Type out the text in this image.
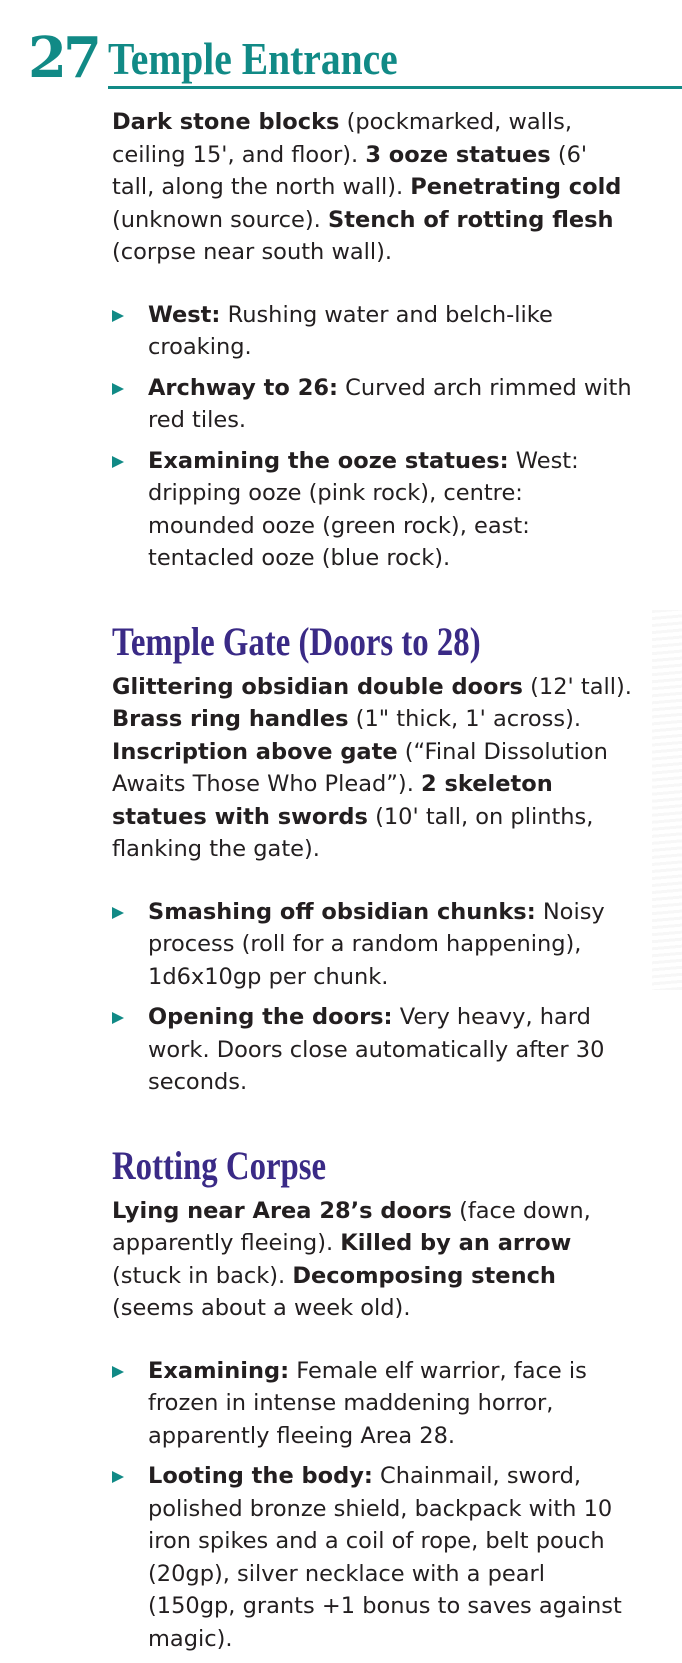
27 Temple Entrance

Dark stone blocks (pockmarked, walls, ceiling 15', and floor). 3 ooze statues (6' tall, along the north wall). Penetrating cold (unknown source). Stench of rotting flesh (corpse near south wall).

West: Rushing water and belch-like croaking.
Archway to 26: Curved arch rimmed with red tiles.
Examining the ooze statues: West: dripping ooze (pink rock), centre: mounded ooze (green rock), east: tentacled ooze (blue rock).
Temple Gate (Doors to 28)

Glittering obsidian double doors (12' tall). Brass ring handles (1" thick, 1' across). Inscription above gate (“Final Dissolution Awaits Those Who Plead”). 2 skeleton statues with swords (10' tall, on plinths, flanking the gate).

Smashing off obsidian chunks: Noisy process (roll for a random happening), 1d6x10gp per chunk.
Opening the doors: Very heavy, hard work. Doors close automatically after 30 seconds.
Rotting Corpse

Lying near Area 28’s doors (face down, apparently fleeing). Killed by an arrow (stuck in back). Decomposing stench (seems about a week old).

Examining: Female elf warrior, face is frozen in intense maddening horror, apparently fleeing Area 28.
Looting the body: Chainmail, sword, polished bronze shield, backpack with 10 iron spikes and a coil of rope, belt pouch (20gp), silver necklace with a pearl (150gp, grants +1 bonus to saves against magic).
